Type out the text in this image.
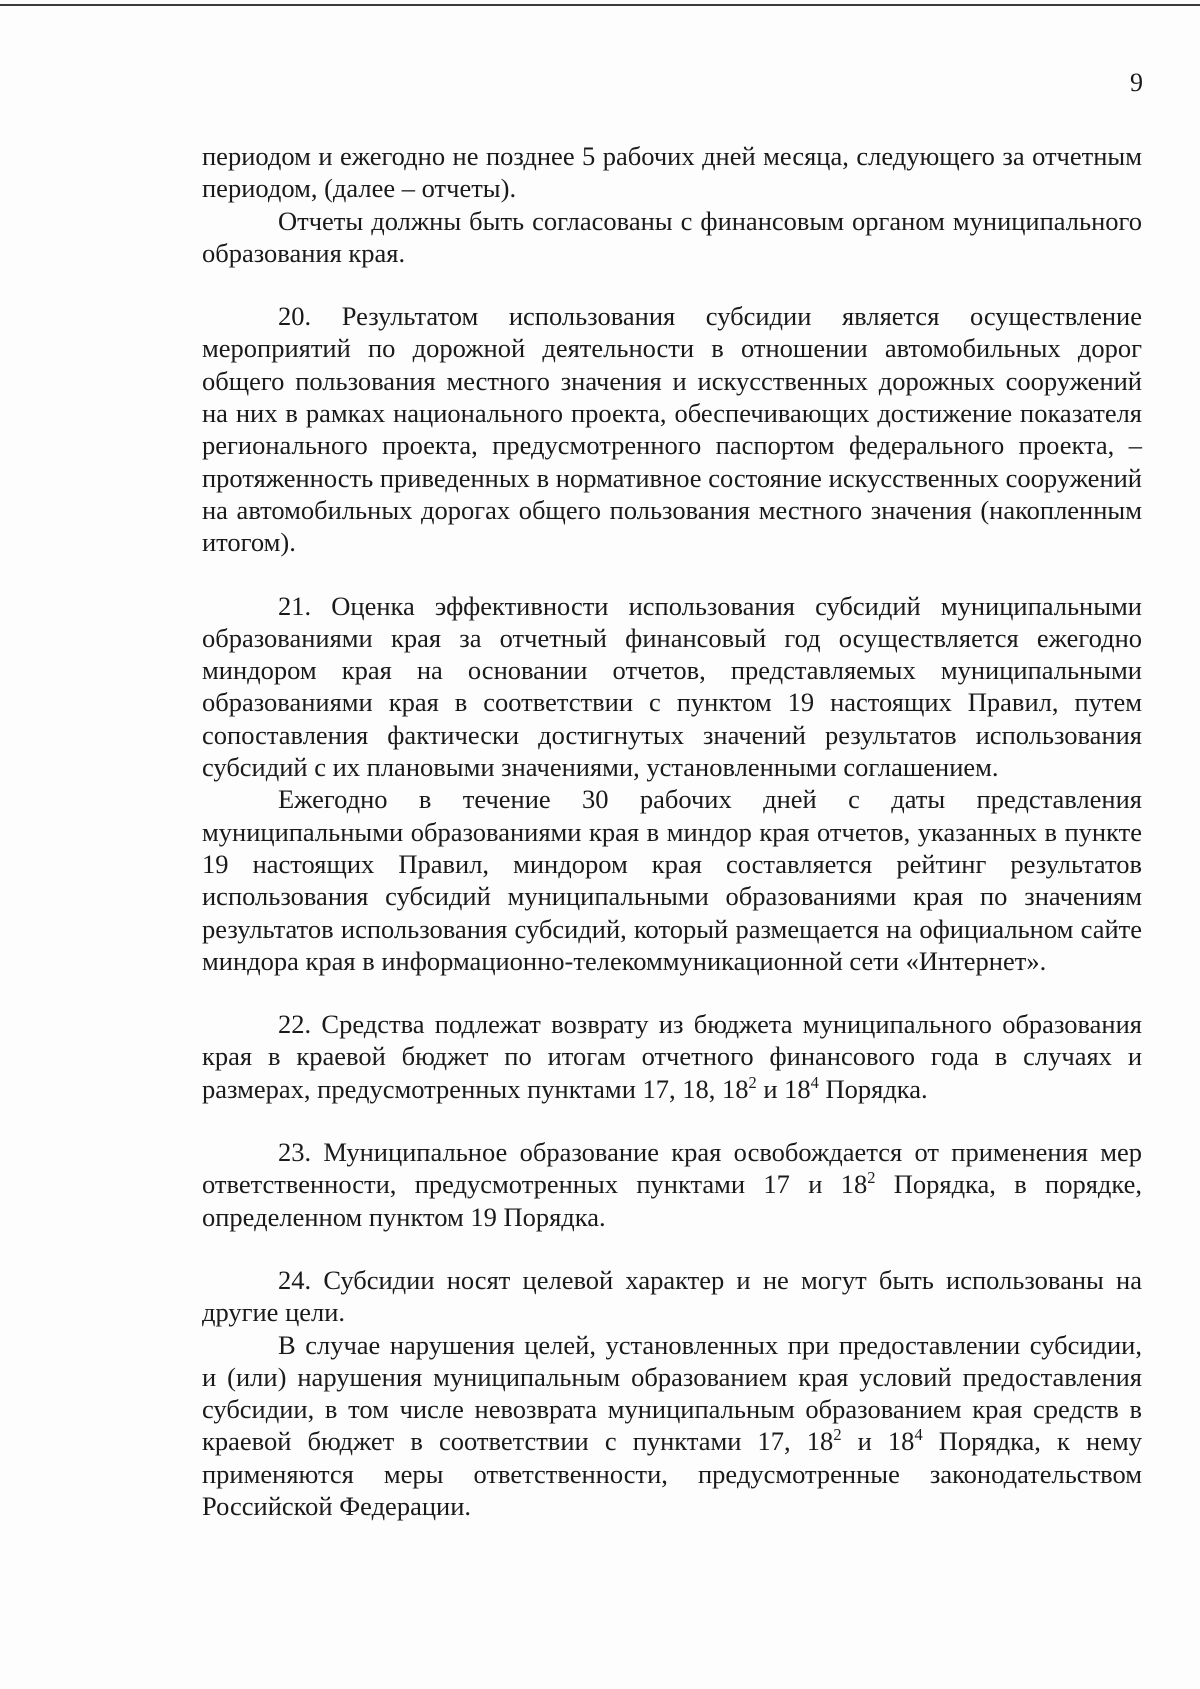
9

периодом и ежегодно не позднее 5 рабочих дней месяца, следующего за отчетным периодом, (далее – отчеты).

Отчеты должны быть согласованы с финансовым органом муниципального образования края.

20. Результатом использования субсидии является осуществление мероприятий по дорожной деятельности в отношении автомобильных дорог общего пользования местного значения и искусственных дорожных сооружений на них в рамках национального проекта, обеспечивающих достижение показателя регионального проекта, предусмотренного паспортом федерального проекта, – протяженность приведенных в нормативное состояние искусственных сооружений на автомобильных дорогах общего пользования местного значения (накопленным итогом).

21. Оценка эффективности использования субсидий муниципальными образованиями края за отчетный финансовый год осуществляется ежегодно миндором края на основании отчетов, представляемых муниципальными образованиями края в соответствии с пунктом 19 настоящих Правил, путем сопоставления фактически достигнутых значений результатов использования субсидий с их плановыми значениями, установленными соглашением.

Ежегодно в течение 30 рабочих дней с даты представления муниципальными образованиями края в миндор края отчетов, указанных в пункте 19 настоящих Правил, миндором края составляется рейтинг результатов использования субсидий муниципальными образованиями края по значениям результатов использования субсидий, который размещается на официальном сайте миндора края в информационно-телекоммуникационной сети «Интернет».

22. Средства подлежат возврату из бюджета муниципального образования края в краевой бюджет по итогам отчетного финансового года в случаях и размерах, предусмотренных пунктами 17, 18, $18^2$ и $18^4$ Порядка.

23. Муниципальное образование края освобождается от применения мер ответственности, предусмотренных пунктами 17 и $18^2$ Порядка, в порядке, определенном пунктом 19 Порядка.

24. Субсидии носят целевой характер и не могут быть использованы на другие цели.

В случае нарушения целей, установленных при предоставлении субсидии, и (или) нарушения муниципальным образованием края условий предоставления субсидии, в том числе невозврата муниципальным образованием края средств в краевой бюджет в соответствии с пунктами 17, $18^2$ и $18^4$ Порядка, к нему применяются меры ответственности, предусмотренные законодательством Российской Федерации.
